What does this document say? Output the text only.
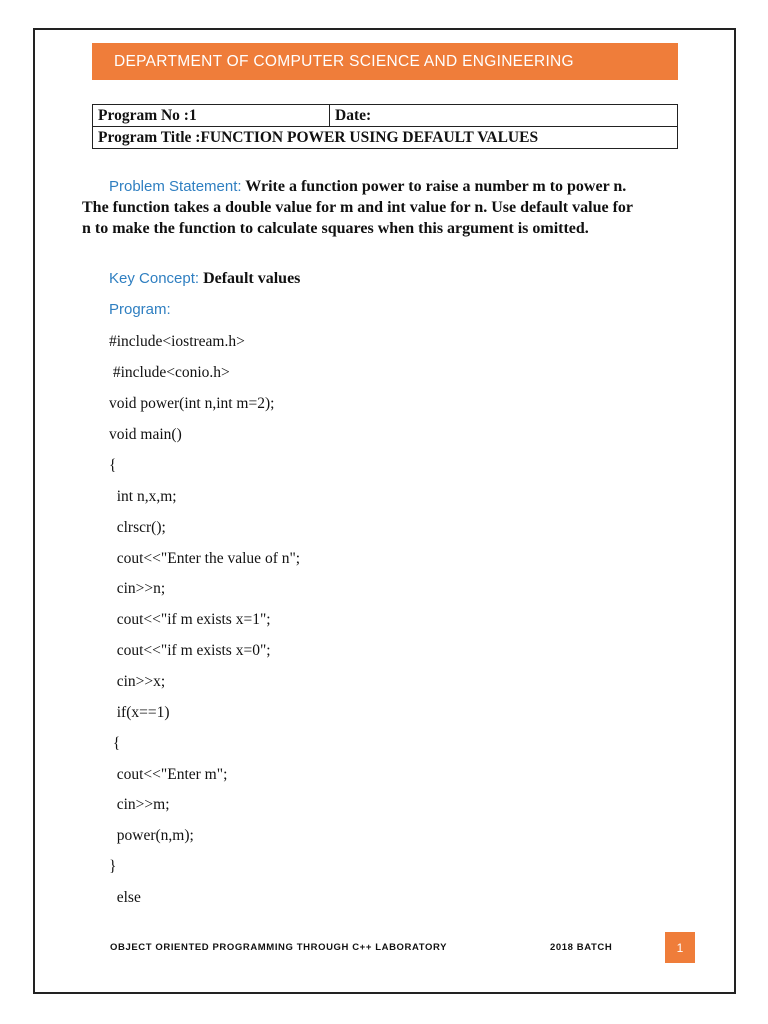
DEPARTMENT OF COMPUTER SCIENCE AND ENGINEERING
Program No :1	Date:
Program Title :FUNCTION POWER USING DEFAULT VALUES
Problem Statement: Write a function power to raise a number m to power n. The function takes a double value for m and int value for n. Use default value for n to make the function to calculate squares when this argument is omitted.
Key Concept: Default values
Program:
#include<iostream.h>
#include<conio.h>
void power(int n,int m=2);
void main()
{
int n,x,m;
clrscr();
cout<<"Enter the value of n";
cin>>n;
cout<<"if m exists x=1";
cout<<"if m exists x=0";
cin>>x;
if(x==1)
{
cout<<"Enter m";
cin>>m;
power(n,m);
}
else
OBJECT ORIENTED PROGRAMMING THROUGH C++ LABORATORY	2018 BATCH	1
